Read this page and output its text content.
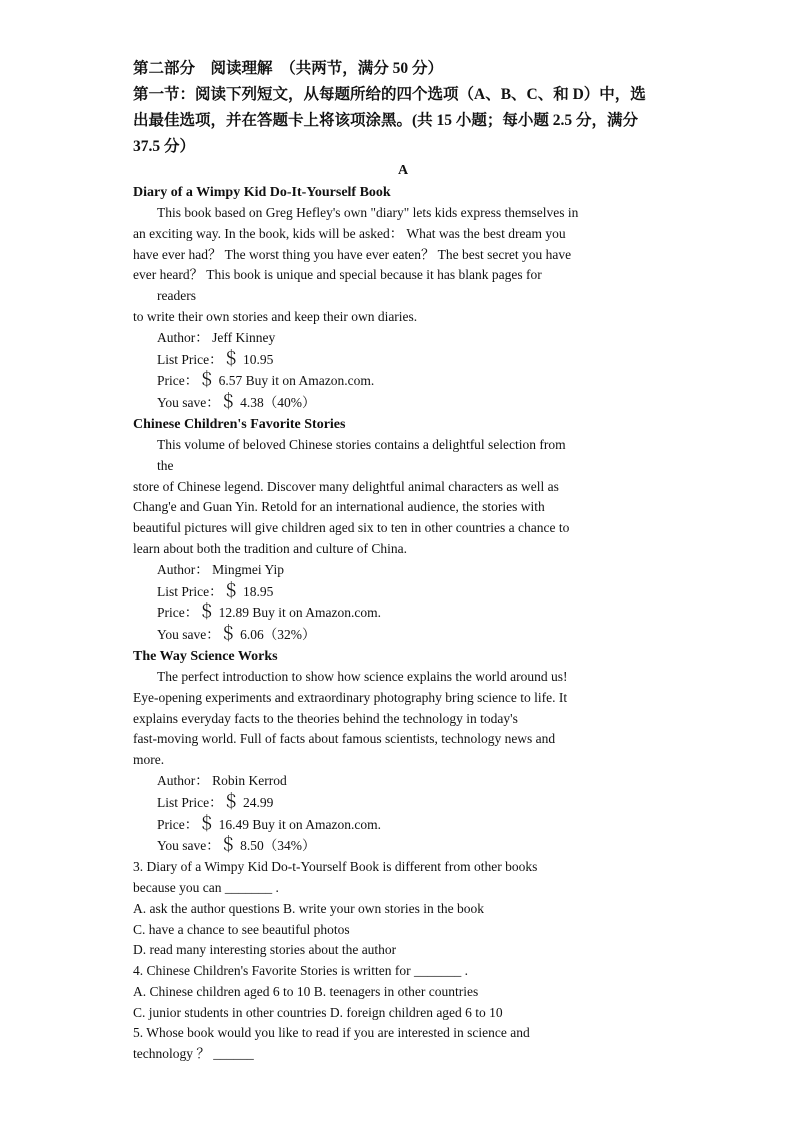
第二部分　阅读理解　（共两节，满分 50 分）
第一节：阅读下列短文，从每题所给的四个选项（A、B、C、和 D）中，选
出最佳选项，并在答题卡上将该项涂黑。(共 15 小题；每小题 2.5 分，满分
37.5 分）
A
Diary of a Wimpy Kid Do-It-Yourself Book
This book based on Greg Hefley's own "diary" lets kids express themselves in
an exciting way. In the book, kids will be asked： What was the best dream you
have ever had？ The worst thing you have ever eaten？ The best secret you have
ever heard？ This book is unique and special because it has blank pages for
readers
to write their own stories and keep their own diaries.
Author： Jeff Kinney
List Price：＄ 10.95
Price：＄ 6.57 Buy it on Amazon.com.
You save：＄ 4.38（40%）
Chinese Children's Favorite Stories
This volume of beloved Chinese stories contains a delightful selection from
the
store of Chinese legend. Discover many delightful animal characters as well as
Chang'e and Guan Yin. Retold for an international audience, the stories with
beautiful pictures will give children aged six to ten in other countries a chance to
learn about both the tradition and culture of China.
Author： Mingmei Yip
List Price：＄ 18.95
Price：＄ 12.89 Buy it on Amazon.com.
You save：＄ 6.06（32%）
The Way Science Works
The perfect introduction to show how science explains the world around us!
Eye-opening experiments and extraordinary photography bring science to life. It
explains everyday facts to the theories behind the technology in today's
fast-moving world. Full of facts about famous scientists, technology news and
more.
Author： Robin Kerrod
List Price：＄ 24.99
Price：＄ 16.49 Buy it on Amazon.com.
You save：＄ 8.50（34%）
3. Diary of a Wimpy Kid Do-t-Yourself Book is different from other books
because you can _______ .
A. ask the author questions B. write your own stories in the book
C. have a chance to see beautiful photos
D. read many interesting stories about the author
4. Chinese Children's Favorite Stories is written for _______ .
A. Chinese children aged 6 to 10 B. teenagers in other countries
C. junior students in other countries D. foreign children aged 6 to 10
5. Whose book would you like to read if you are interested in science and
technology ？ ______
